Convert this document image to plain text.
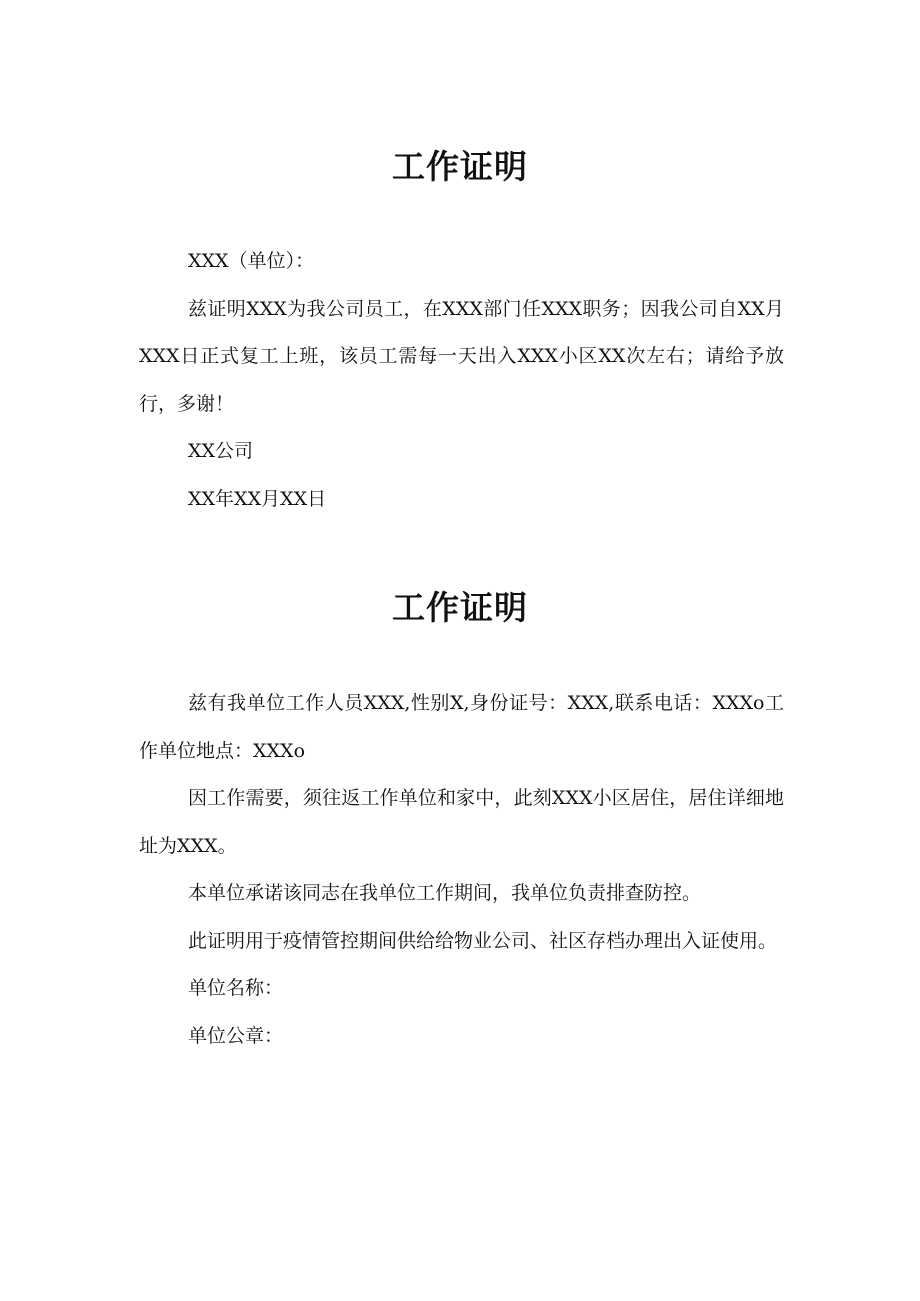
工作证明

XXX（单位）：

兹证明XXX为我公司员工，在XXX部门任XXX职务；因我公司自XX月XXX日正式复工上班，该员工需每一天出入XXX小区XX次左右；请给予放行，多谢！

XX公司

XX年XX月XX日

工作证明

兹有我单位工作人员XXX,性别X,身份证号：XXX,联系电话：XXXo工作单位地点：XXXo

因工作需要，须往返工作单位和家中，此刻XXX小区居住，居住详细地址为XXX。

本单位承诺该同志在我单位工作期间，我单位负责排查防控。

此证明用于疫情管控期间供给给物业公司、社区存档办理出入证使用。

单位名称：

单位公章：
